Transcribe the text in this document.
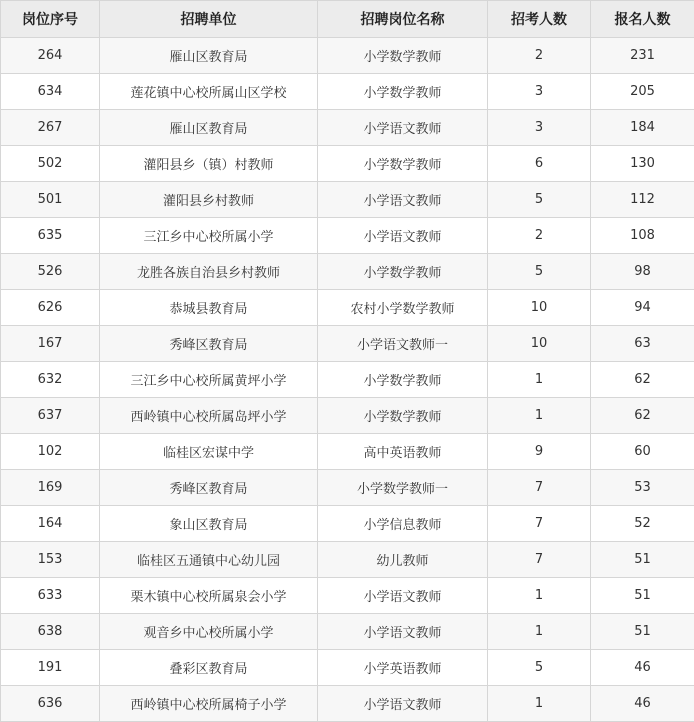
岗位序号	招聘单位	招聘岗位名称	招考人数	报名人数
264	雁山区教育局	小学数学教师	2	231
634	莲花镇中心校所属山区学校	小学数学教师	3	205
267	雁山区教育局	小学语文教师	3	184
502	灌阳县乡（镇）村教师	小学数学教师	6	130
501	灌阳县乡村教师	小学语文教师	5	112
635	三江乡中心校所属小学	小学语文教师	2	108
526	龙胜各族自治县乡村教师	小学数学教师	5	98
626	恭城县教育局	农村小学数学教师	10	94
167	秀峰区教育局	小学语文教师一	10	63
632	三江乡中心校所属黄坪小学	小学数学教师	1	62
637	西岭镇中心校所属岛坪小学	小学数学教师	1	62
102	临桂区宏谋中学	高中英语教师	9	60
169	秀峰区教育局	小学数学教师一	7	53
164	象山区教育局	小学信息教师	7	52
153	临桂区五通镇中心幼儿园	幼儿教师	7	51
633	栗木镇中心校所属泉会小学	小学语文教师	1	51
638	观音乡中心校所属小学	小学语文教师	1	51
191	叠彩区教育局	小学英语教师	5	46
636	西岭镇中心校所属椅子小学	小学语文教师	1	46
